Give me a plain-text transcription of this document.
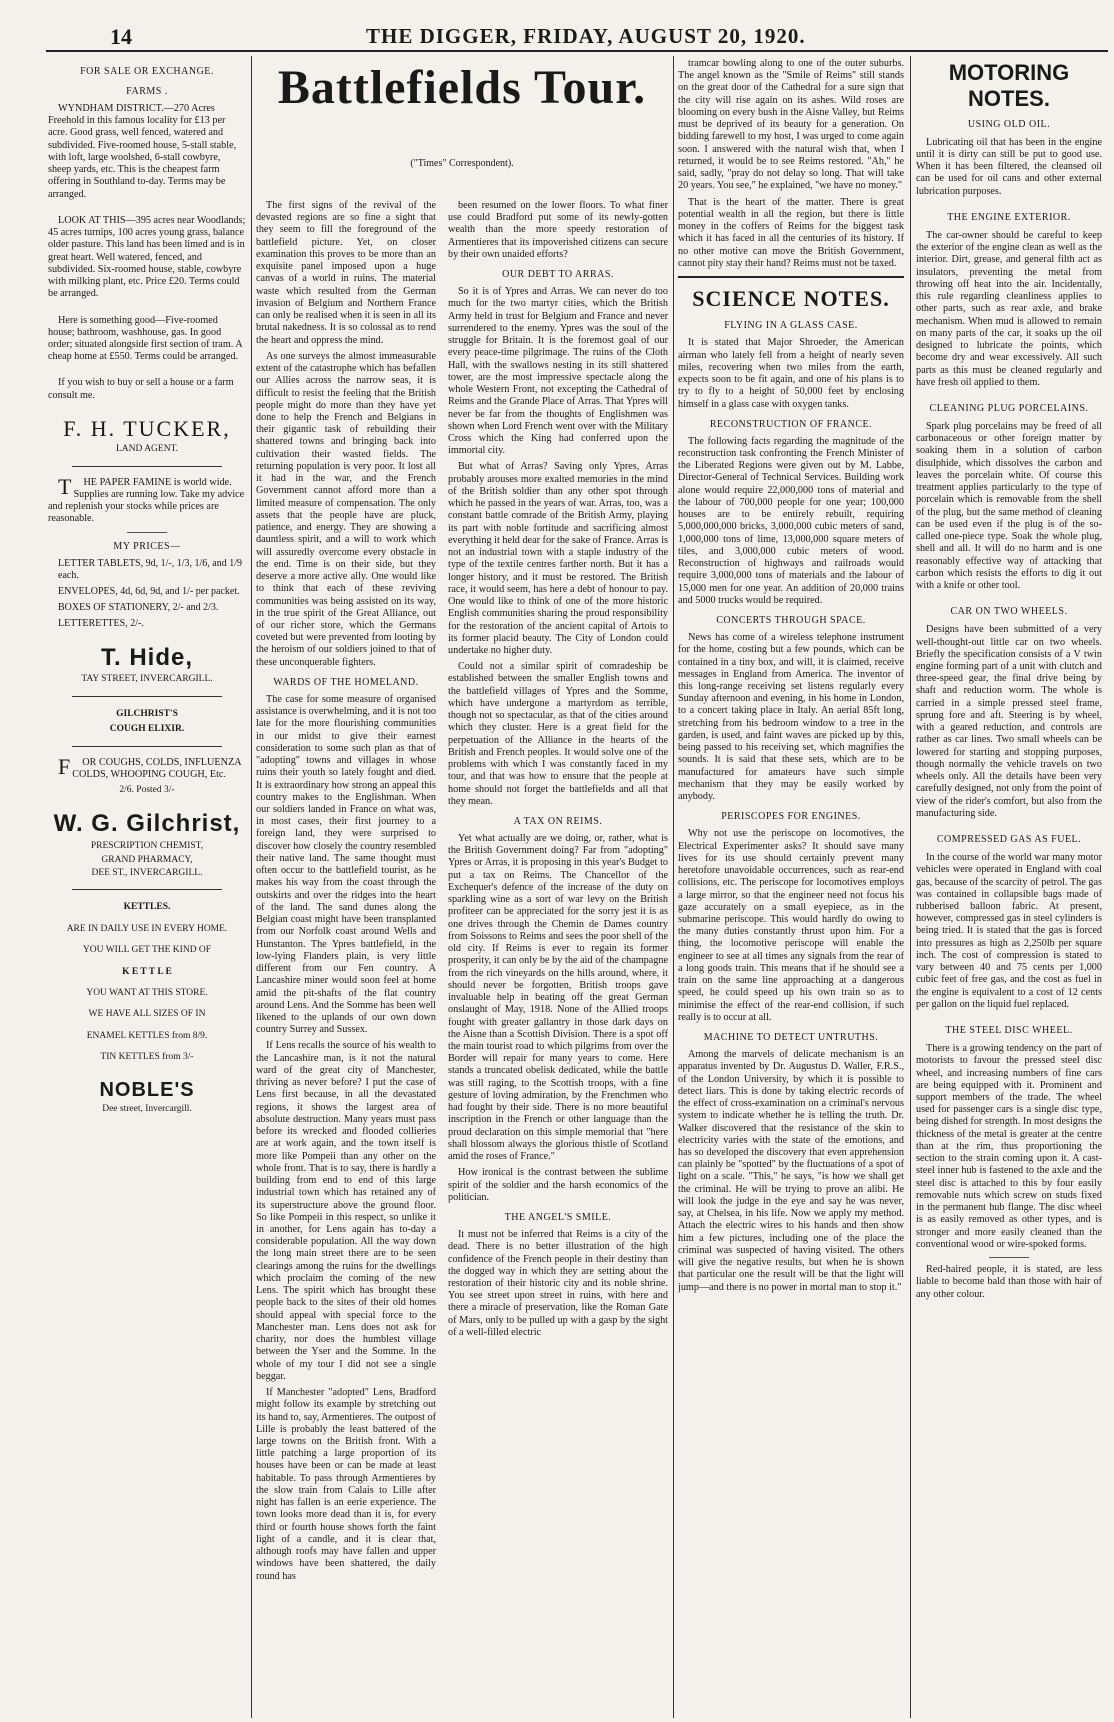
14	THE DIGGER, FRIDAY, AUGUST 20, 1920.
FOR SALE OR EXCHANGE.
FARMS .

WYNDHAM DISTRICT.—270 Acres Freehold in this famous locality for £13 per acre. Good grass, well fenced, watered and subdivided. Five-roomed house, 5-stall stable, with loft, large woolshed, 6-stall cowbyre, sheep yards, etc. This is the cheapest farm offering in Southland to-day. Terms may be arranged.

LOOK AT THIS—395 acres near Woodlands; 45 acres turnips, 100 acres young grass, balance older pasture. This land has been limed and is in great heart. Well watered, fenced, and subdivided. Six-roomed house, stable, cowbyre with milking plant, etc. Price £20. Terms could be arranged.

Here is something good—Five-roomed house; bathroom, washhouse, gas. In good order; situated alongside first section of tram. A cheap home at £550. Terms could be arranged.

If you wish to buy or sell a house or a farm consult me.

F. H. TUCKER,
LAND AGENT.

THE PAPER FAMINE is world wide. Supplies are running low. Take my advice and replenish your stocks while prices are reasonable.

MY PRICES—
LETTER TABLETS, 9d, 1/-, 1/3, 1/6, and 1/9 each.
ENVELOPES, 4d, 6d, 9d, and 1/- per packet.
BOXES OF STATIONERY, 2/- and 2/3.
LETTERETTES, 2/-.
T. Hide,
TAY STREET, INVERCARGILL.
GILCHRIST'S
COUGH ELIXIR.

FOR COUGHS, COLDS, INFLUENZA COLDS, WHOOPING COUGH, Etc.

2/6. Posted 3/-
W. G. Gilchrist,
PRESCRIPTION CHEMIST,
GRAND PHARMACY,
DEE ST., INVERCARGILL.
KETTLES.
ARE IN DAILY USE IN EVERY HOME.
YOU WILL GET THE KIND OF
K E T T L E
YOU WANT AT THIS STORE.
WE HAVE ALL SIZES OF IN
ENAMEL KETTLES from 8/9.
TIN KETTLES from 3/-
NOBLE'S
Dee street, Invercargill.
Battlefields Tour.
("Times" Correspondent).

The first signs of the revival of the devasted regions are so fine a sight that they seem to fill the foreground of the battlefield picture. Yet, on closer examination this proves to be more than an exquisite panel imposed upon a huge canvas of a world in ruins. The material waste which resulted from the German invasion of Belgium and Northern France can only be realised when it is seen in all its brutal nakedness. It is so colossal as to rend the heart and oppress the mind.

As one surveys the almost immeasurable extent of the catastrophe which has befallen our Allies across the narrow seas, it is difficult to resist the feeling that the British people might do more than they have yet done to help the French and Belgians in their gigantic task of rebuilding their shattered towns and bringing back into cultivation their wasted fields. The returning population is very poor. It lost all it had in the war, and the French Government cannot afford more than a limited measure of compensation. The only assets that the people have are pluck, patience, and energy. They are showing a dauntless spirit, and a will to work which will assuredly overcome every obstacle in the end. Time is on their side, but they deserve a more active ally. One would like to think that each of these reviving communities was being assisted on its way, in the true spirit of the Great Alliance, out of our richer store, which the Germans coveted but were prevented from looting by the heroism of our soldiers joined to that of these unconquerable fighters.

WARDS OF THE HOMELAND.

The case for some measure of organised assistance is overwhelming, and it is not too late for the more flourishing communities in our midst to give their earnest consideration to some such plan as that of "adopting" towns and villages in whose ruins their youth so lately fought and died. It is extraordinary how strong an appeal this country makes to the Englishman. When our soldiers landed in France on what was, in most cases, their first journey to a foreign land, they were surprised to discover how closely the country resembled their native land. The same thought must often occur to the battlefield tourist, as he makes his way from the coast through the outskirts and over the ridges into the heart of the land. The sand dunes along the Belgian coast might have been transplanted from our Norfolk coast around Wells and Hunstanton. The Ypres battlefield, in the low-lying Flanders plain, is very little different from our Fen country. A Lancashire miner would soon feel at home amid the pit-shafts of the flat country around Lens. And the Somme has been well likened to the uplands of our own down country Surrey and Sussex.

If Lens recalls the source of his wealth to the Lancashire man, is it not the natural ward of the great city of Manchester, thriving as never before? I put the case of Lens first because, in all the devastated regions, it shows the largest area of absolute destruction. Many years must pass before its wrecked and flooded collieries are at work again, and the town itself is more like Pompeii than any other on the whole front. That is to say, there is hardly a building from end to end of this large industrial town which has retained any of its superstructure above the ground floor. So like Pompeii in this respect, so unlike it in another, for Lens again has to-day a considerable population. All the way down the long main street there are to be seen clearings among the ruins for the dwellings which proclaim the coming of the new Lens. The spirit which has brought these people back to the sites of their old homes should appeal with special force to the Manchester man. Lens does not ask for charity, nor does the humblest village between the Yser and the Somme. In the whole of my tour I did not see a single beggar.

If Manchester "adopted" Lens, Bradford might follow its example by stretching out its hand to, say, Armentieres. The outpost of Lille is probably the least battered of the large towns on the British front. With a little patching a large proportion of its houses have been or can be made at least habitable. To pass through Armentieres by the slow train from Calais to Lille after night has fallen is an eerie experience. The town looks more dead than it is, for every third or fourth house shows forth the faint light of a candle, and it is clear that, although roofs may have fallen and upper windows have been shattered, the daily round has

been resumed on the lower floors. To what finer use could Bradford put some of its newly-gotten wealth than the more speedy restoration of Armentieres that its impoverished citizens can secure by their own unaided efforts?

OUR DEBT TO ARRAS.

So it is of Ypres and Arras. We can never do too much for the two martyr cities, which the British Army held in trust for Belgium and France and never surrendered to the enemy. Ypres was the soul of the struggle for Britain. It is the foremost goal of our every peace-time pilgrimage. The ruins of the Cloth Hall, with the swallows nesting in its still shattered tower, are the most impressive spectacle along the whole Western Front, not excepting the Cathedral of Reims and the Grande Place of Arras. That Ypres will never be far from the thoughts of Englishmen was shown when Lord French went over with the Military Cross which the King had conferred upon the immortal city.

But what of Arras? Saving only Ypres, Arras probably arouses more exalted memories in the mind of the British soldier than any other spot through which he passed in the years of war. Arras, too, was a constant battle comrade of the British Army, playing its part with noble fortitude and sacrificing almost everything it held dear for the sake of France. Arras is not an industrial town with a staple industry of the type of the textile centres farther north. But it has a longer history, and it must be restored. The British race, it would seem, has here a debt of honour to pay. One would like to think of one of the more historic English communities sharing the proud responsibility for the restoration of the ancient capital of Artois to its former placid beauty. The City of London could undertake no higher duty.

Could not a similar spirit of comradeship be established between the smaller English towns and the battlefield villages of Ypres and the Somme, which have undergone a martyrdom as terrible, though not so spectacular, as that of the cities around which they cluster. Here is a great field for the perpetuation of the Alliance in the hearts of the British and French peoples. It would solve one of the problems with which I was constantly faced in my tour, and that was how to ensure that the people at home should not forget the battlefields and all that they mean.

A TAX ON REIMS.

Yet what actually are we doing, or, rather, what is the British Government doing? Far from "adopting" Ypres or Arras, it is proposing in this year's Budget to put a tax on Reims. The Chancellor of the Exchequer's defence of the increase of the duty on sparkling wine as a sort of war levy on the British profiteer can be appreciated for the sorry jest it is as one drives through the Chemin de Dames country from Soissons to Reims and sees the poor shell of the old city. If Reims is ever to regain its former prosperity, it can only be by the aid of the champagne from the rich vineyards on the hills around, where, it should never be forgotten, British troops gave invaluable help in beating off the great German onslaught of May, 1918. None of the Allied troops fought with greater gallantry in those dark days on the Aisne than a Scottish Division. There is a spot off the main tourist road to which pilgrims from over the Border will repair for many years to come. Here stands a truncated obelisk dedicated, while the battle was still raging, to the Scottish troops, with a fine gesture of loving admiration, by the Frenchmen who had fought by their side. There is no more beautiful inscription in the French or other language than the proud declaration on this simple memorial that "here shall blossom always the glorious thistle of Scotland amid the roses of France."

How ironical is the contrast between the sublime spirit of the soldier and the harsh economics of the politician.

THE ANGEL'S SMILE.

It must not be inferred that Reims is a city of the dead. There is no better illustration of the high confidence of the French people in their destiny than the dogged way in which they are setting about the restoration of their historic city and its noble shrine. You see street upon street in ruins, with here and there a miracle of preservation, like the Roman Gate of Mars, only to be pulled up with a gasp by the sight of a well-filled electric

tramcar bowling along to one of the outer suburbs. The angel known as the "Smile of Reims" still stands on the great door of the Cathedral for a sure sign that the city will rise again on its ashes. Wild roses are blooming on every bush in the Aisne Valley, but Reims must be deprived of its beauty for a generation. On bidding farewell to my host, I was urged to come again soon. I answered with the natural wish that, when I returned, it would be to see Reims restored. "Ah," he said, sadly, "pray do not delay so long. That will take 20 years. You see," he explained, "we have no money."

That is the heart of the matter. There is great potential wealth in all the region, but there is little money in the coffers of Reims for the biggest task which it has faced in all the centuries of its history. If no other motive can move the British Government, cannot pity stay their hand? Reims must not be taxed.

SCIENCE NOTES.
FLYING IN A GLASS CASE.

It is stated that Major Shroeder, the American airman who lately fell from a height of nearly seven miles, recovering when two miles from the earth, expects soon to be fit again, and one of his plans is to try to fly to a height of 50,000 feet by enclosing himself in a glass case with oxygen tanks.

RECONSTRUCTION OF FRANCE.

The following facts regarding the magnitude of the reconstruction task confronting the French Minister of the Liberated Regions were given out by M. Labbe, Director-General of Technical Services. Building work alone would require 22,000,000 tons of material and the labour of 700,000 people for one year; 100,000 houses are to be entirely rebuilt, requiring 5,000,000,000 bricks, 3,000,000 cubic meters of sand, 1,000,000 tons of lime, 13,000,000 square meters of tiles, and 3,000,000 cubic meters of wood. Reconstruction of highways and railroads would require 3,000,000 tons of materials and the labour of 15,000 men for one year. An addition of 20,000 trains and 5000 trucks would be required.

CONCERTS THROUGH SPACE.

News has come of a wireless telephone instrument for the home, costing but a few pounds, which can be contained in a tiny box, and will, it is claimed, receive messages in England from America. The inventor of this long-range receiving set listens regularly every Sunday afternoon and evening, in his home in London, to a concert taking place in Italy. An aerial 85ft long, stretching from his bedroom window to a tree in the garden, is used, and faint waves are picked up by this, being passed to his receiving set, which magnifies the sounds. It is said that these sets, which are to be manufactured for amateurs have such simple mechanism that they may be easily worked by anybody.

PERISCOPES FOR ENGINES.

Why not use the periscope on locomotives, the Electrical Experimenter asks? It should save many lives for its use should certainly prevent many heretofore unavoidable occurrences, such as rear-end collisions, etc. The periscope for locomotives employs a large mirror, so that the engineer need not focus his gaze accurately on a small eyepiece, as in the submarine periscope. This would hardly do owing to the many duties constantly thrust upon him. For a thing, the locomotive periscope will enable the engineer to see at all times any signals from the rear of a long goods train. This means that if he should see a train on the same line approaching at a dangerous speed, he could speed up his own train so as to minimise the effect of the rear-end collision, if such really is to occur at all.

MACHINE TO DETECT UNTRUTHS.

Among the marvels of delicate mechanism is an apparatus invented by Dr. Augustus D. Waller, F.R.S., of the London University, by which it is possible to detect liars. This is done by taking electric records of the effect of cross-examination on a criminal's nervous system to indicate whether he is telling the truth. Dr. Walker discovered that the resistance of the skin to electricity varies with the state of the emotions, and has so developed the discovery that even apprehension can plainly be "spotted" by the fluctuations of a spot of light on a scale. "This," he says, "is how we shall get the criminal. He will be trying to prove an alibi. He will look the judge in the eye and say he was never, say, at Chelsea, in his life. Now we apply my method. Attach the electric wires to his hands and then show him a few pictures, including one of the place the criminal was suspected of having visited. The others will give the negative results, but when he is shown that particular one the result will be that the light will jump—and there is no power in mortal man to stop it."

MOTORING NOTES.
USING OLD OIL.

Lubricating oil that has been in the engine until it is dirty can still be put to good use. When it has been filtered, the cleansed oil can be used for oil cans and other external lubrication purposes.

THE ENGINE EXTERIOR.

The car-owner should be careful to keep the exterior of the engine clean as well as the interior. Dirt, grease, and general filth act as insulators, preventing the metal from throwing off heat into the air. Incidentally, this rule regarding cleanliness applies to other parts, such as rear axle, and brake mechanism. When mud is allowed to remain on many parts of the car, it soaks up the oil designed to lubricate the points, which become dry and wear excessively. All such parts as this must be cleaned regularly and have fresh oil applied to them.

CLEANING PLUG PORCELAINS.

Spark plug porcelains may be freed of all carbonaceous or other foreign matter by soaking them in a solution of carbon disulphide, which dissolves the carbon and leaves the porcelain white. Of course this treatment applies particularly to the type of porcelain which is removable from the shell of the plug, but the same method of cleaning can be used even if the plug is of the so-called one-piece type. Soak the whole plug, shell and all. It will do no harm and is one reasonably effective way of attacking that carbon which resists the efforts to dig it out with a knife or other tool.

CAR ON TWO WHEELS.

Designs have been submitted of a very well-thought-out little car on two wheels. Briefly the specification consists of a V twin engine forming part of a unit with clutch and three-speed gear, the final drive being by shaft and reduction worm. The whole is carried in a simple pressed steel frame, sprung fore and aft. Steering is by wheel, with a geared reduction, and controls are rather as car lines. Two small wheels can be lowered for starting and stopping purposes, though normally the vehicle travels on two wheels only. All the details have been very carefully designed, not only from the point of view of the rider's comfort, but also from the manufacturing side.

COMPRESSED GAS AS FUEL.

In the course of the world war many motor vehicles were operated in England with coal gas, because of the scarcity of petrol. The gas was contained in collapsible bags made of rubberised balloon fabric. At present, however, compressed gas in steel cylinders is being tried. It is stated that the gas is forced into pressures as high as 2,250lb per square inch. The cost of compression is stated to vary between 40 and 75 cents per 1,000 cubic feet of free gas, and the cost as fuel in the engine is equivalent to a cost of 12 cents per gallon on the liquid fuel replaced.

THE STEEL DISC WHEEL.

There is a growing tendency on the part of motorists to favour the pressed steel disc wheel, and increasing numbers of fine cars are being equipped with it. Prominent and support members of the trade. The wheel used for passenger cars is a single disc type, being dished for strength. In most designs the thickness of the metal is greater at the centre than at the rim, thus proportioning the section to the strain coming upon it. A cast-steel inner hub is fastened to the axle and the steel disc is attached to this by four easily removable nuts which screw on studs fixed in the permanent hub flange. The disc wheel is as easily removed as other types, and is stronger and more easily cleaned than the conventional wood or wire-spoked forms.

Red-haired people, it is stated, are less liable to become bald than those with hair of any other colour.
